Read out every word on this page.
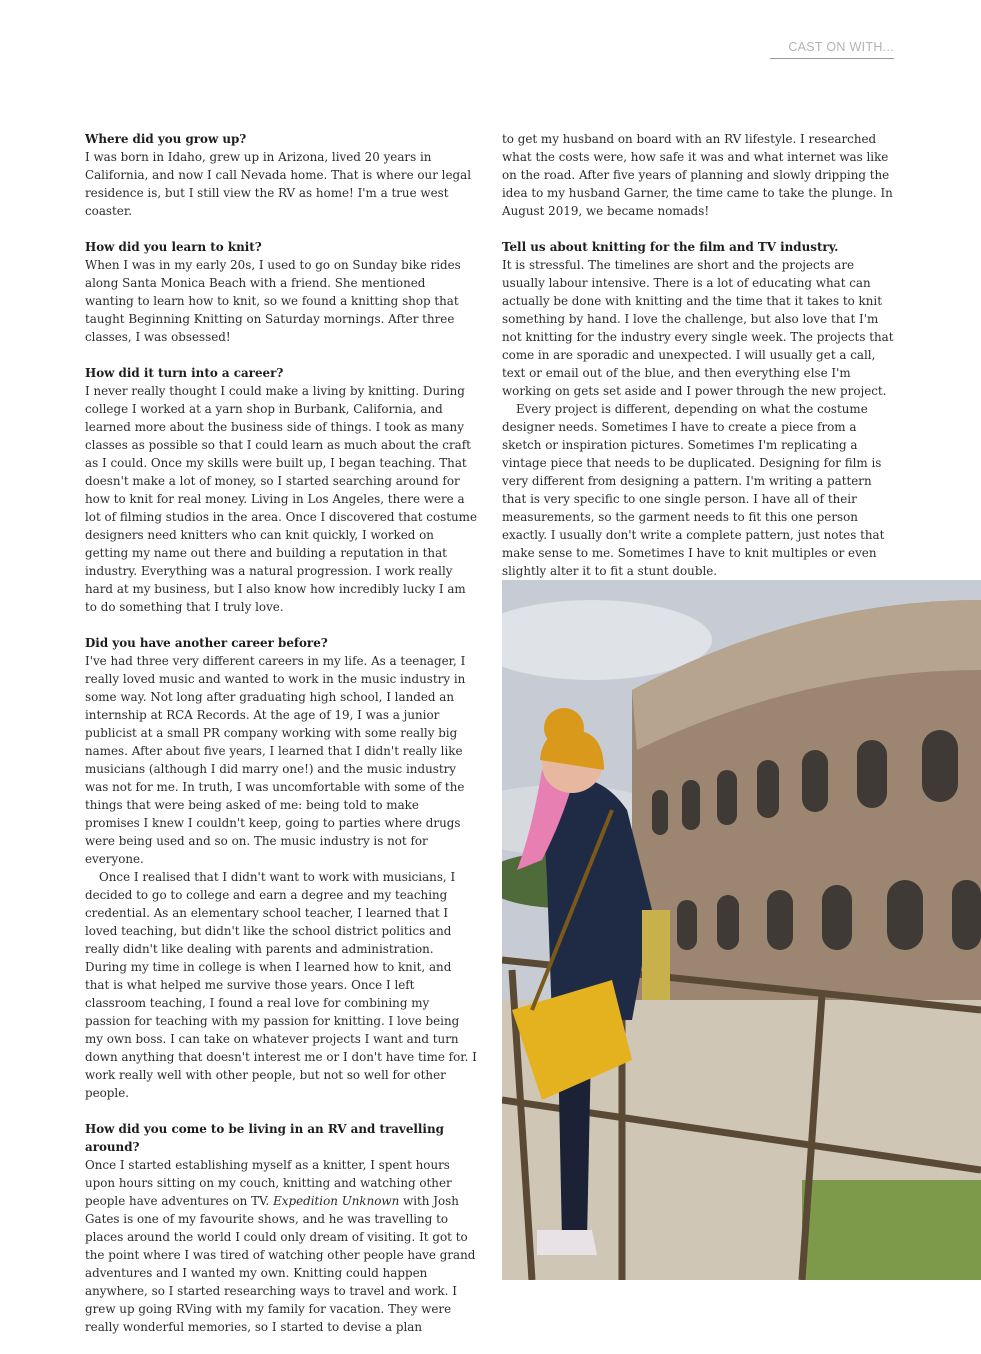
CAST ON WITH...
Where did you grow up?

I was born in Idaho, grew up in Arizona, lived 20 years in California, and now I call Nevada home. That is where our legal residence is, but I still view the RV as home! I'm a true west coaster.

How did you learn to knit?

When I was in my early 20s, I used to go on Sunday bike rides along Santa Monica Beach with a friend. She mentioned wanting to learn how to knit, so we found a knitting shop that taught Beginning Knitting on Saturday mornings. After three classes, I was obsessed!

How did it turn into a career?

I never really thought I could make a living by knitting. During college I worked at a yarn shop in Burbank, California, and learned more about the business side of things. I took as many classes as possible so that I could learn as much about the craft as I could. Once my skills were built up, I began teaching. That doesn't make a lot of money, so I started searching around for how to knit for real money. Living in Los Angeles, there were a lot of filming studios in the area. Once I discovered that costume designers need knitters who can knit quickly, I worked on getting my name out there and building a reputation in that industry. Everything was a natural progression. I work really hard at my business, but I also know how incredibly lucky I am to do something that I truly love.

Did you have another career before?

I've had three very different careers in my life. As a teenager, I really loved music and wanted to work in the music industry in some way. Not long after graduating high school, I landed an internship at RCA Records. At the age of 19, I was a junior publicist at a small PR company working with some really big names. After about five years, I learned that I didn't really like musicians (although I did marry one!) and the music industry was not for me. In truth, I was uncomfortable with some of the things that were being asked of me: being told to make promises I knew I couldn't keep, going to parties where drugs were being used and so on. The music industry is not for everyone.

Once I realised that I didn't want to work with musicians, I decided to go to college and earn a degree and my teaching credential. As an elementary school teacher, I learned that I loved teaching, but didn't like the school district politics and really didn't like dealing with parents and administration. During my time in college is when I learned how to knit, and that is what helped me survive those years. Once I left classroom teaching, I found a real love for combining my passion for teaching with my passion for knitting. I love being my own boss. I can take on whatever projects I want and turn down anything that doesn't interest me or I don't have time for. I work really well with other people, but not so well for other people.

How did you come to be living in an RV and travelling around?

Once I started establishing myself as a knitter, I spent hours upon hours sitting on my couch, knitting and watching other people have adventures on TV. Expedition Unknown with Josh Gates is one of my favourite shows, and he was travelling to places around the world I could only dream of visiting. It got to the point where I was tired of watching other people have grand adventures and I wanted my own. Knitting could happen anywhere, so I started researching ways to travel and work. I grew up going RVing with my family for vacation. They were really wonderful memories, so I started to devise a plan

to get my husband on board with an RV lifestyle. I researched what the costs were, how safe it was and what internet was like on the road. After five years of planning and slowly dripping the idea to my husband Garner, the time came to take the plunge. In August 2019, we became nomads!

Tell us about knitting for the film and TV industry.

It is stressful. The timelines are short and the projects are usually labour intensive. There is a lot of educating what can actually be done with knitting and the time that it takes to knit something by hand. I love the challenge, but also love that I'm not knitting for the industry every single week. The projects that come in are sporadic and unexpected. I will usually get a call, text or email out of the blue, and then everything else I'm working on gets set aside and I power through the new project.

Every project is different, depending on what the costume designer needs. Sometimes I have to create a piece from a sketch or inspiration pictures. Sometimes I'm replicating a vintage piece that needs to be duplicated. Designing for film is very different from designing a pattern. I'm writing a pattern that is very specific to one single person. I have all of their measurements, so the garment needs to fit this one person exactly. I usually don't write a complete pattern, just notes that make sense to me. Sometimes I have to knit multiples or even slightly alter it to fit a stunt double.
